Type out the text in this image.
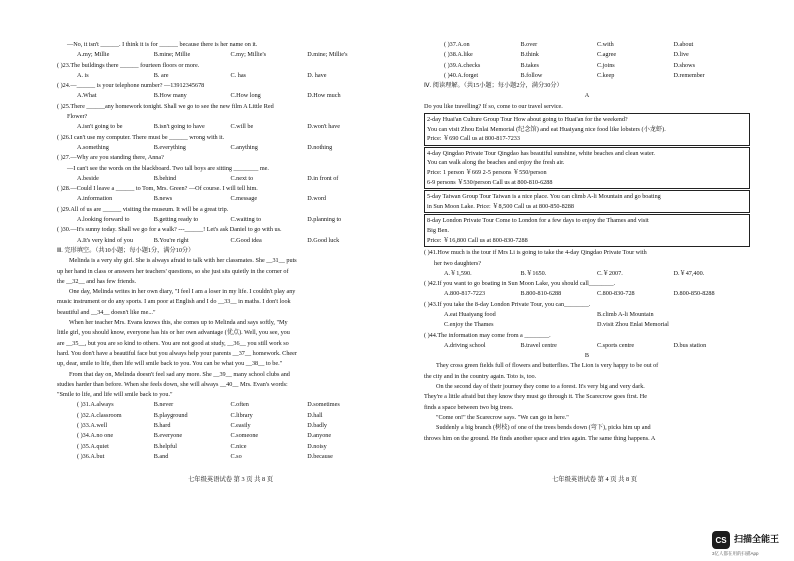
—No, it isn't ______. I think it is for ______ because there is her name on it.
A.my; Millie	B.mine; Millie	C.my; Millie's	D.mine; Millie's
( )23.The buildings there ______ fourteen floors or more.
A. is	B. are	C. has	D. have
( )24.—______ is your telephone number? —13912345678
A.What	B.How many	C.How long	D.How much
( )25.There ______any homework tonight. Shall we go to see the new film A Little Red
Flower?
A.isn't going to be	B.isn't going to have	C.will be	D.won't have
( )26.I can't use my computer. There must be ______ wrong with it.
A.something	B.everything	C.anything	D.nothing
( )27.—Why are you standing there, Anna?
—I can't see the words on the blackboard. Two tall boys are sitting ________ me.
A.beside	B.behind	C.next to	D.in front of
( )28.—Could I leave a ______ to Tom, Mrs. Green? —Of course. I will tell him.
A.information	B.news	C.message	D.word
( )29.All of us are ______ visiting the museum. It will be a great trip.
A.looking forward to	B.getting ready to	C.waiting to	D.planning to
( )30.—It's sunny today. Shall we go for a walk? ---______! Let's ask Daniel to go with us.
A.It's very kind of you	B.You're right	C.Good idea	D.Good luck
Ⅲ. 完形填空。（共10小题；每小题1分，满分10分）
Melinda is a very shy girl. She is always afraid to talk with her classmates. She __31__ puts
up her hand in class or answers her teachers' questions, so she just sits quietly in the corner of
the __32__ and has few friends.
One day, Melinda writes in her own diary, "I feel I am a loser in my life. I couldn't play any
music instrument or do any sports. I am poor at English and I do __33__ in maths. I don't look
beautiful and __34__ doesn't like me..."
When her teacher Mrs. Evans knows this, she comes up to Melinda and says softly, "My
little girl, you should know, everyone has his or her own advantage (优点). Well, you see, you
are __35__, but you are so kind to others. You are not good at study, __36__ you still work so
hard. You don't have a beautiful face but you always help your parents __37__ homework. Cheer
up, dear, smile to life, then life will smile back to you. You can be what you __38__ to be."
From that day on, Melinda doesn't feel sad any more. She __39__ many school clubs and
studies harder than before. When she feels down, she will always __40__ Mrs. Evan's words:
"Smile to life, and life will smile back to you."
( )31.A.always	B.never	C.often	D.sometimes
( )32.A.classroom	B.playground	C.library	D.hall
( )33.A.well	B.hard	C.easily	D.badly
( )34.A.no one	B.everyone	C.someone	D.anyone
( )35.A.quiet	B.helpful	C.nice	D.noisy
( )36.A.but	B.and	C.so	D.because
( )37.A.on	B.over	C.with	D.about
( )38.A.like	B.think	C.agree	D.live
( )39.A.checks	B.takes	C.joins	D.shows
( )40.A.forget	B.follow	C.keep	D.remember
Ⅳ. 阅读理解。（共15小题；每小题2分，满分30分）
A
Do you like travelling? If so, come to our travel service.
2-day Huai'an Culture Group Tour How about going to Huai'an for the weekend?
You can visit Zhou Enlai Memorial (纪念馆) and eat Huaiyang nice food like lobsters (小龙虾).
Price: ￥690 Call us at 800-817-7233
4-day Qingdao Private Tour Qingdao has beautiful sunshine, white beaches and clean water.
You can walk along the beaches and enjoy the fresh air.
Price: 1 person ￥669 2-5 persons ￥550/person
6-9 persons ￥530/person Call us at 800-810-6288
5-day Taiwan Group Tour Taiwan is a nice place. You can climb A-li Mountain and go boating
in Sun Moon Lake. Price: ￥8,500 Call us at 800-850-8288
8-day London Private Tour Come to London for a few days to enjoy the Thames and visit
Big Ben.
Price: ￥16,800 Call us at 800-830-7288
( )41.How much is the tour if Mrs Li is going to take the 4-day Qingdao Private Tour with
her two daughters?
A.￥1,590.	B.￥1650.	C.￥2007.	D.￥47,400.
( )42.If you want to go boating in Sun Moon Lake, you should call________.
A.800-817-7223	B.800-810-6288	C.800-830-728	D.800-850-8288
( )43.If you take the 8-day London Private Tour, you can________.
A.eat Huaiyang food	B.climb A-li Mountain
C.enjoy the Thames	D.visit Zhou Enlai Memorial
( )44.The information may come from a ________.
A.driving school	B.travel centre	C.sports centre	D.bus station
B
They cross green fields full of flowers and butterflies. The Lion is very happy to be out of
the city and in the country again. Toto is, too.
On the second day of their journey they come to a forest. It's very big and very dark.
They're a little afraid but they know they must go through it. The Scarecrow goes first. He
finds a space between two big trees.
"Come on!" the Scarecrow says. "We can go in here."
Suddenly a big branch (树枝) of one of the trees bends down (弯下), picks him up and
throws him on the ground. He finds another space and tries again. The same thing happens. A
七年级英语试卷 第 3 页 共 8 页	七年级英语试卷 第 4 页 共 8 页
CS 扫描全能王
3亿人都在用的扫描App
